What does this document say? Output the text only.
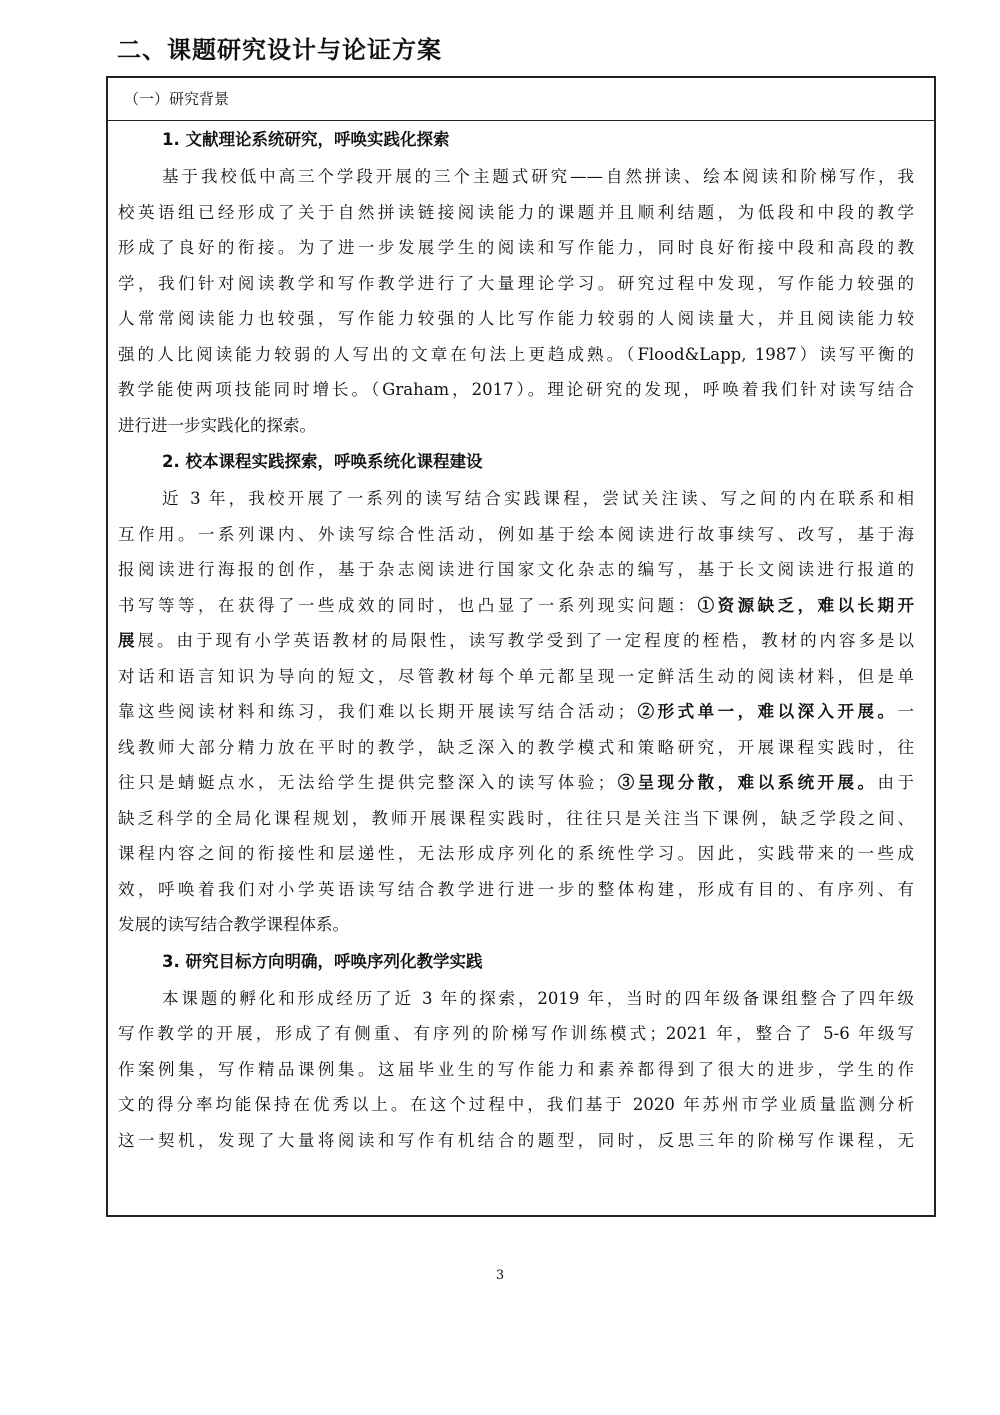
二、课题研究设计与论证方案
（一）研究背景
1. 文献理论系统研究，呼唤实践化探索
基于我校低中高三个学段开展的三个主题式研究——自然拼读、绘本阅读和阶梯写作，我
校英语组已经形成了关于自然拼读链接阅读能力的课题并且顺利结题，为低段和中段的教学
形成了良好的衔接。为了进一步发展学生的阅读和写作能力，同时良好衔接中段和高段的教
学，我们针对阅读教学和写作教学进行了大量理论学习。研究过程中发现，写作能力较强的
人常常阅读能力也较强，写作能力较强的人比写作能力较弱的人阅读量大，并且阅读能力较
强的人比阅读能力较弱的人写出的文章在句法上更趋成熟。（Flood&Lapp, 1987）读写平衡的
教学能使两项技能同时增长。（Graham，2017）。理论研究的发现，呼唤着我们针对读写结合
进行进一步实践化的探索。
2. 校本课程实践探索，呼唤系统化课程建设
近 3 年，我校开展了一系列的读写结合实践课程，尝试关注读、写之间的内在联系和相
互作用。一系列课内、外读写综合性活动，例如基于绘本阅读进行故事续写、改写，基于海
报阅读进行海报的创作，基于杂志阅读进行国家文化杂志的编写，基于长文阅读进行报道的
书写等等，在获得了一些成效的同时，也凸显了一系列现实问题：①资源缺乏，难以长期开
展展。由于现有小学英语教材的局限性，读写教学受到了一定程度的桎梏，教材的内容多是以
对话和语言知识为导向的短文，尽管教材每个单元都呈现一定鲜活生动的阅读材料，但是单
靠这些阅读材料和练习，我们难以长期开展读写结合活动；②形式单一，难以深入开展。一
线教师大部分精力放在平时的教学，缺乏深入的教学模式和策略研究，开展课程实践时，往
往只是蜻蜓点水，无法给学生提供完整深入的读写体验；③呈现分散，难以系统开展。由于
缺乏科学的全局化课程规划，教师开展课程实践时，往往只是关注当下课例，缺乏学段之间、
课程内容之间的衔接性和层递性，无法形成序列化的系统性学习。因此，实践带来的一些成
效，呼唤着我们对小学英语读写结合教学进行进一步的整体构建，形成有目的、有序列、有
发展的读写结合教学课程体系。
3. 研究目标方向明确，呼唤序列化教学实践
本课题的孵化和形成经历了近 3 年的探索，2019 年，当时的四年级备课组整合了四年级
写作教学的开展，形成了有侧重、有序列的阶梯写作训练模式；2021 年，整合了 5-6 年级写
作案例集，写作精品课例集。这届毕业生的写作能力和素养都得到了很大的进步，学生的作
文的得分率均能保持在优秀以上。在这个过程中，我们基于 2020 年苏州市学业质量监测分析
这一契机，发现了大量将阅读和写作有机结合的题型，同时，反思三年的阶梯写作课程，无
3
